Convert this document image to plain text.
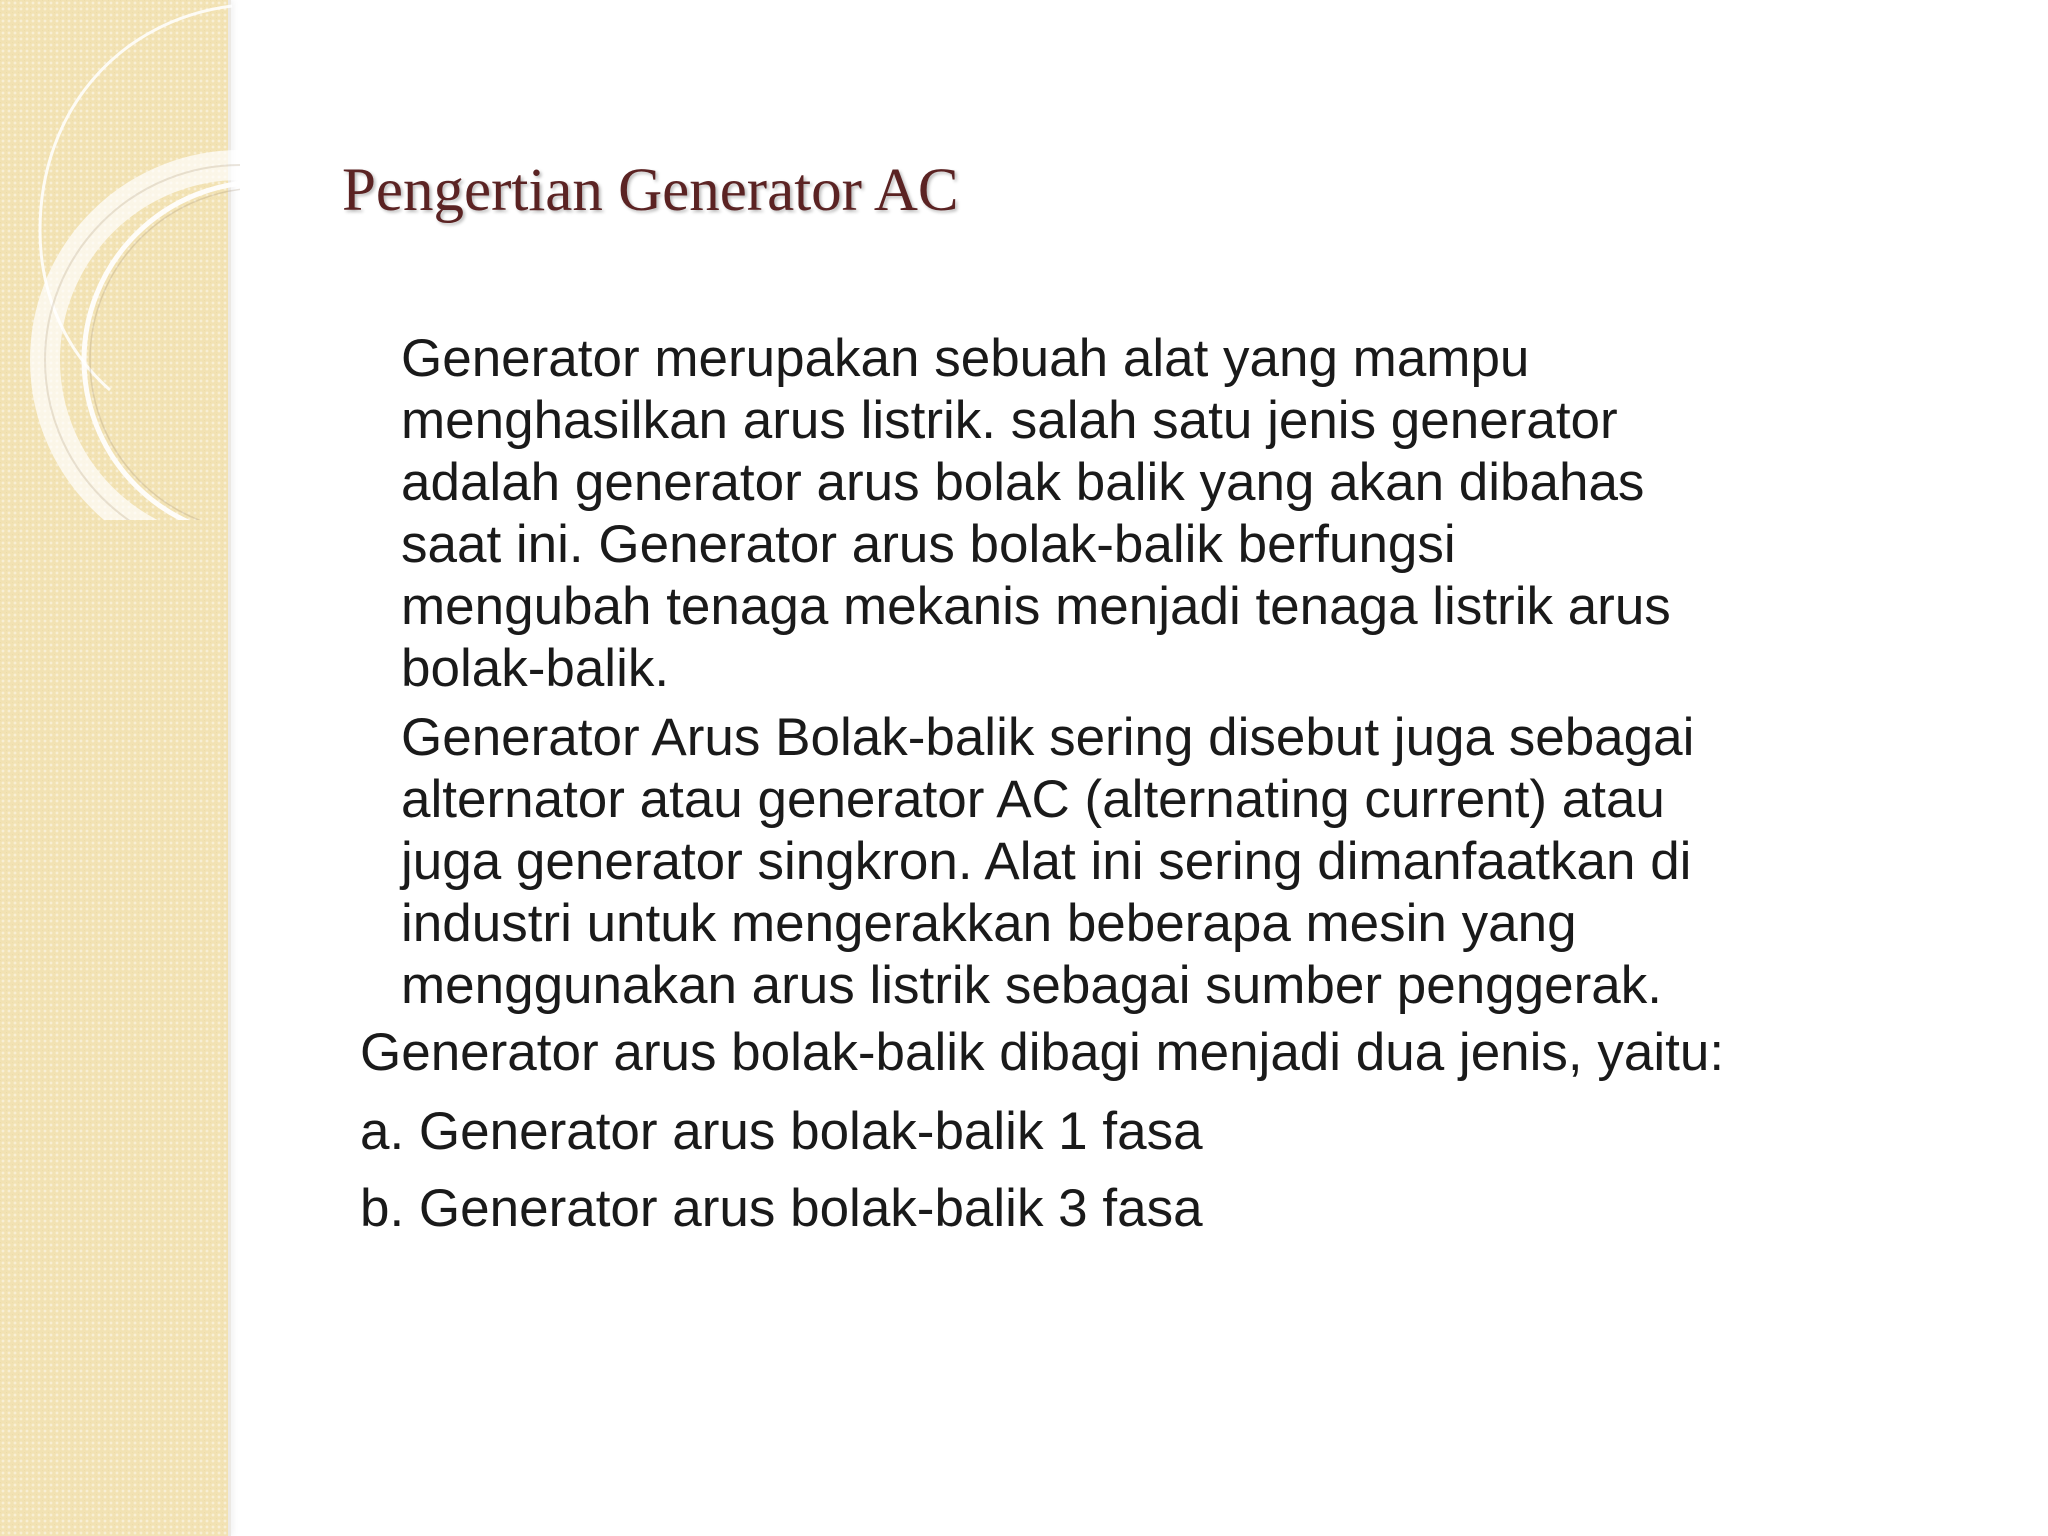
Pengertian Generator AC

Generator merupakan sebuah alat yang mampu
menghasilkan arus listrik. salah satu jenis generator
adalah generator arus bolak balik yang akan dibahas
saat ini. Generator arus bolak-balik berfungsi
mengubah tenaga mekanis menjadi tenaga listrik arus
bolak-balik.

Generator Arus Bolak-balik sering disebut juga sebagai
alternator atau generator AC (alternating current) atau
juga generator singkron. Alat ini sering dimanfaatkan di
industri untuk mengerakkan beberapa mesin yang
menggunakan arus listrik sebagai sumber penggerak.

Generator arus bolak-balik dibagi menjadi dua jenis, yaitu:

a. Generator arus bolak-balik 1 fasa

b. Generator arus bolak-balik 3 fasa
